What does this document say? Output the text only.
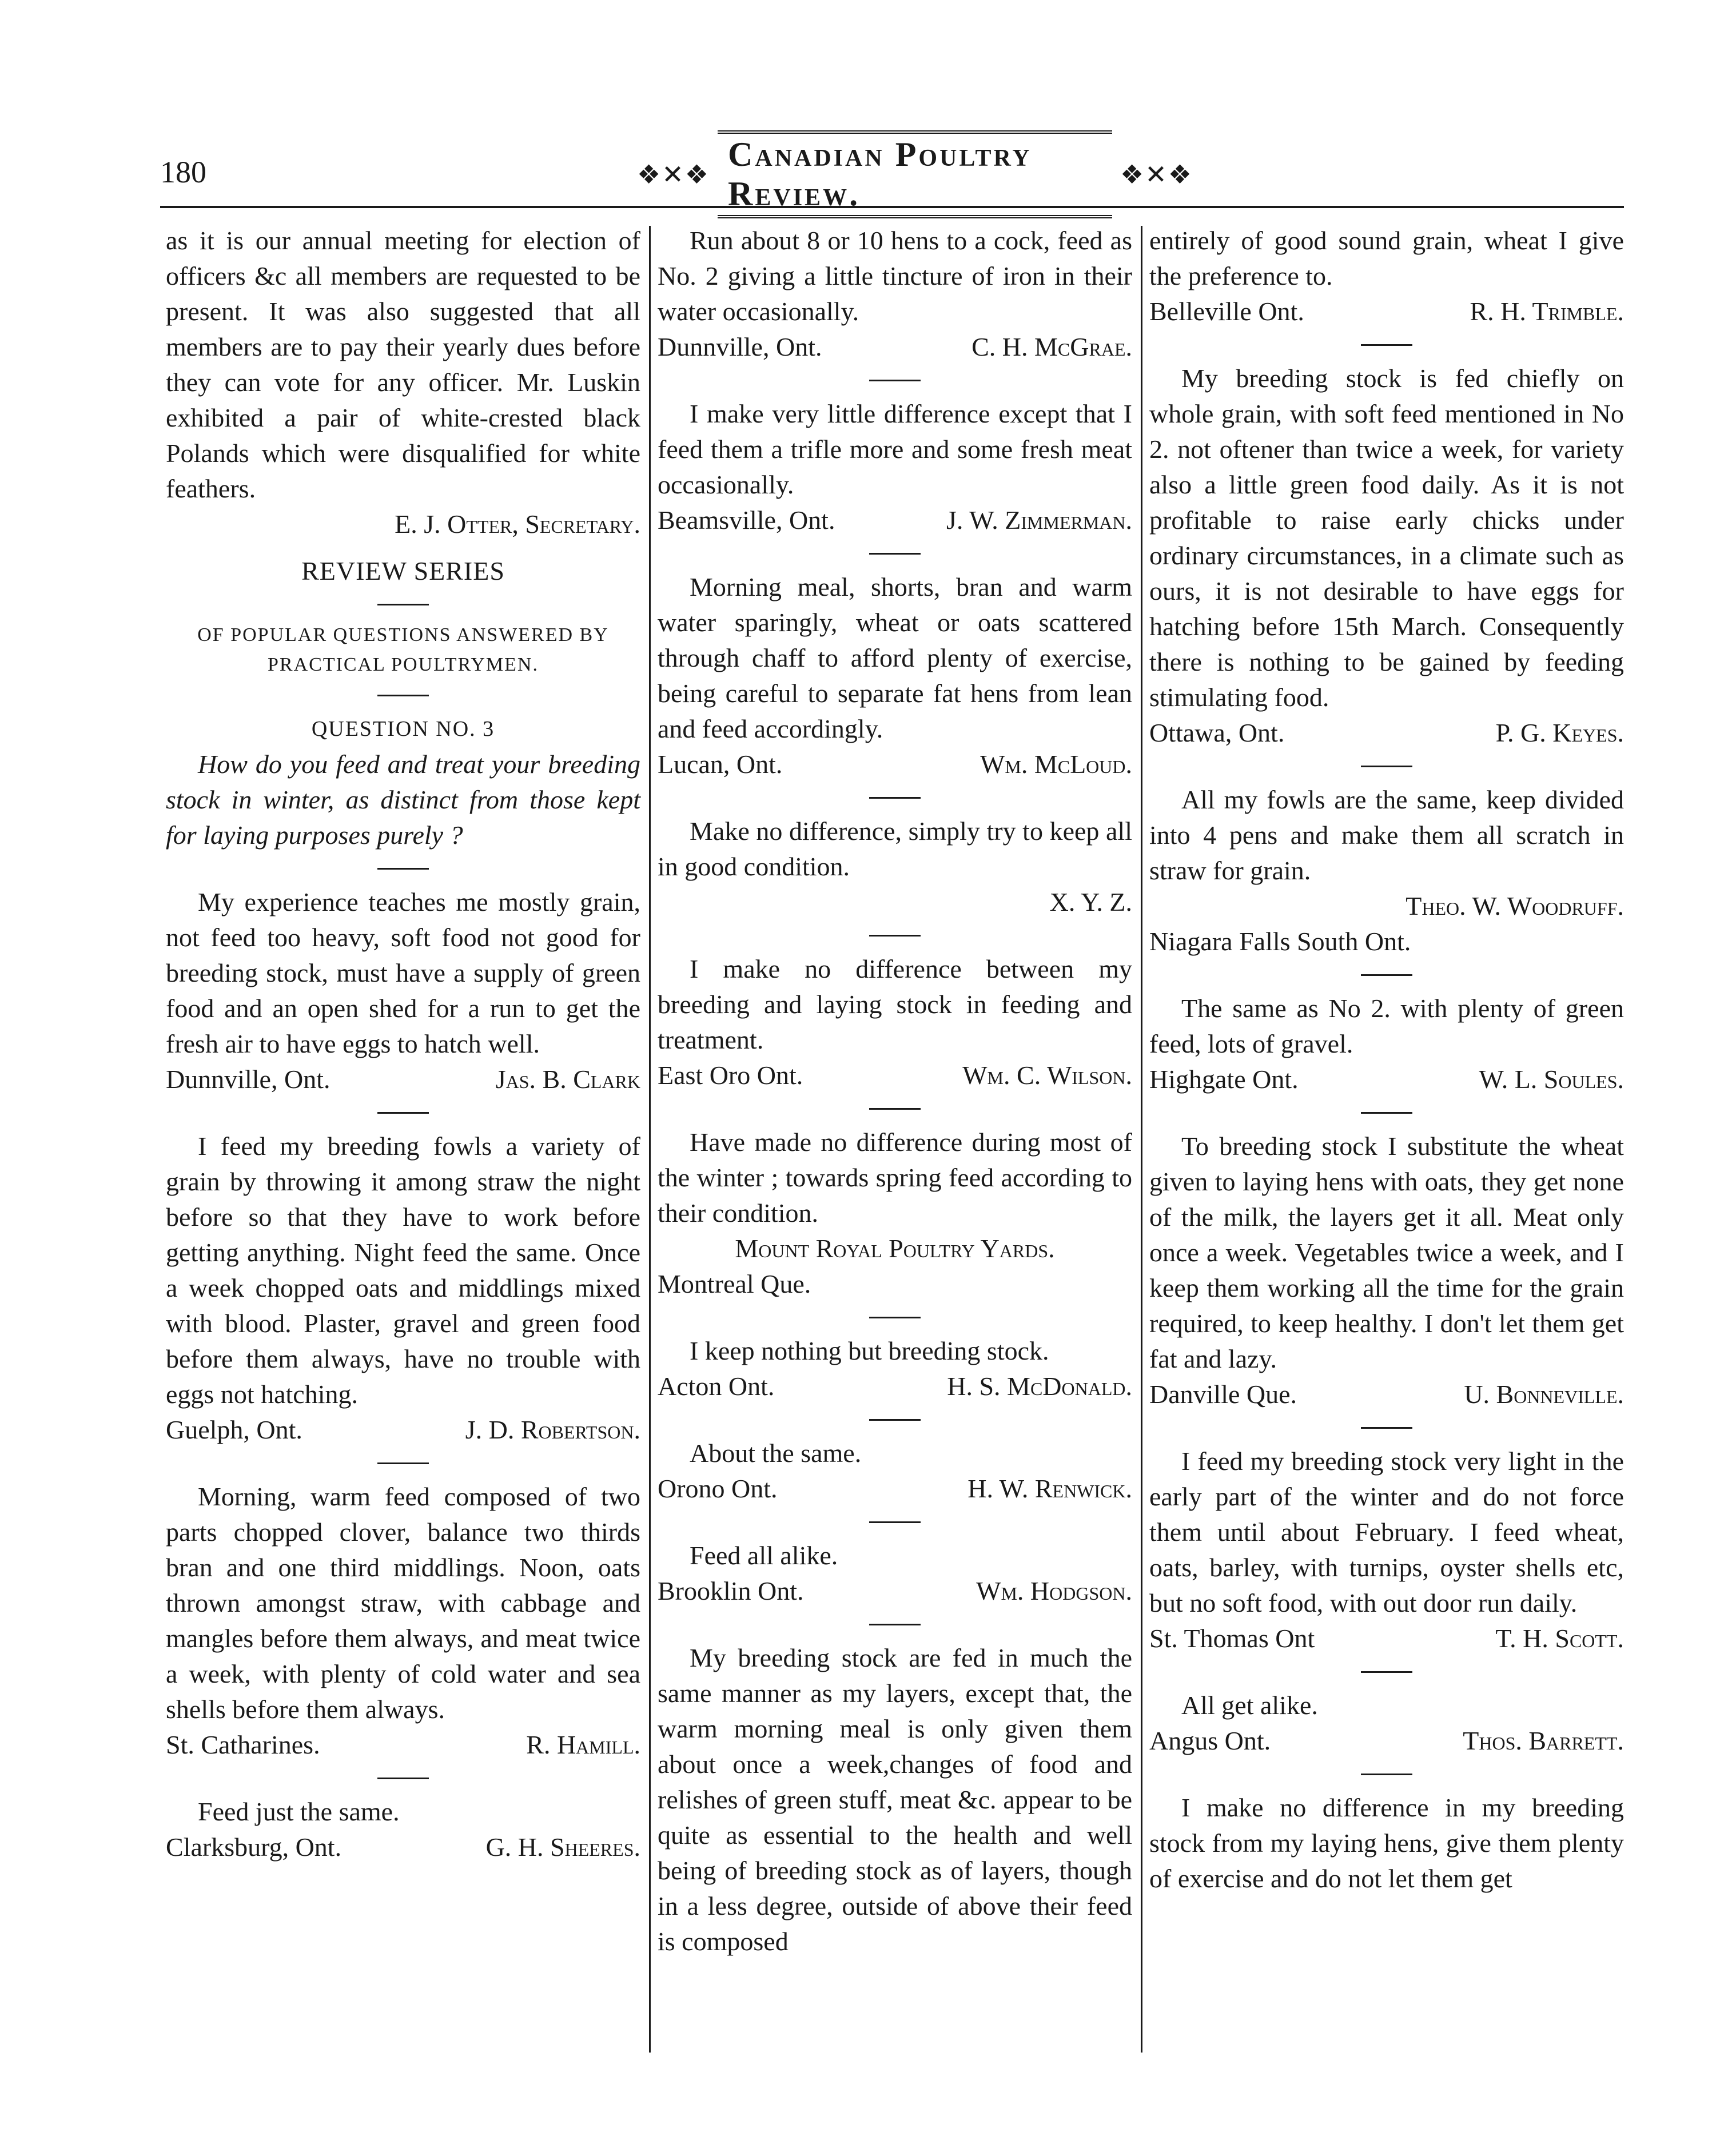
180	❖✕❖
Canadian Poultry Review.
❖✕❖

as it is our annual meeting for election of officers &c all members are requested to be present. It was also suggested that all members are to pay their yearly dues before they can vote for any officer. Mr. Luskin exhibited a pair of white-crested black Polands which were disqualified for white feathers.

E. J. Otter, Secretary.

REVIEW SERIES

OF POPULAR QUESTIONS ANSWERED BY PRACTICAL POULTRYMEN.

QUESTION NO. 3

How do you feed and treat your breeding stock in winter, as distinct from those kept for laying purposes purely ?

My experience teaches me mostly grain, not feed too heavy, soft food not good for breeding stock, must have a supply of green food and an open shed for a run to get the fresh air to have eggs to hatch well.

Dunnville, Ont.	Jas. B. Clark

I feed my breeding fowls a variety of grain by throwing it among straw the night before so that they have to work before getting anything. Night feed the same. Once a week chopped oats and middlings mixed with blood. Plaster, gravel and green food before them always, have no trouble with eggs not hatching.

Guelph, Ont.	J. D. Robertson.

Morning, warm feed composed of two parts chopped clover, balance two thirds bran and one third middlings. Noon, oats thrown amongst straw, with cabbage and mangles before them always, and meat twice a week, with plenty of cold water and sea shells before them always.

St. Catharines.	R. Hamill.

Feed just the same.

Clarksburg, Ont.	G. H. Sheeres.

Run about 8 or 10 hens to a cock, feed as No. 2 giving a little tincture of iron in their water occasionally.

Dunnville, Ont.	C. H. McGrae.

I make very little difference except that I feed them a trifle more and some fresh meat occasionally.

Beamsville, Ont.	J. W. Zimmerman.

Morning meal, shorts, bran and warm water sparingly, wheat or oats scattered through chaff to afford plenty of exercise, being careful to separate fat hens from lean and feed accordingly.

Lucan, Ont.	Wm. McLoud.

Make no difference, simply try to keep all in good condition.

X. Y. Z.

I make no difference between my breeding and laying stock in feeding and treatment.

East Oro Ont.	Wm. C. Wilson.

Have made no difference during most of the winter ; towards spring feed according to their condition.

Mount Royal Poultry Yards.

Montreal Que.

I keep nothing but breeding stock.

Acton Ont.	H. S. McDonald.

About the same.

Orono Ont.	H. W. Renwick.

Feed all alike.

Brooklin Ont.	Wm. Hodgson.

My breeding stock are fed in much the same manner as my layers, except that, the warm morning meal is only given them about once a week,changes of food and relishes of green stuff, meat &c. appear to be quite as essential to the health and well being of breeding stock as of layers, though in a less degree, outside of above their feed is composed

entirely of good sound grain, wheat I give the preference to.

Belleville Ont.	R. H. Trimble.

My breeding stock is fed chiefly on whole grain, with soft feed mentioned in No 2. not oftener than twice a week, for variety also a little green food daily. As it is not profitable to raise early chicks under ordinary circumstances, in a climate such as ours, it is not desirable to have eggs for hatching before 15th March. Consequently there is nothing to be gained by feeding stimulating food.

Ottawa, Ont.	P. G. Keyes.

All my fowls are the same, keep divided into 4 pens and make them all scratch in straw for grain.

Theo. W. Woodruff.

Niagara Falls South Ont.

The same as No 2. with plenty of green feed, lots of gravel.

Highgate Ont.	W. L. Soules.

To breeding stock I substitute the wheat given to laying hens with oats, they get none of the milk, the layers get it all. Meat only once a week. Vegetables twice a week, and I keep them working all the time for the grain required, to keep healthy. I don't let them get fat and lazy.

Danville Que.	U. Bonneville.

I feed my breeding stock very light in the early part of the winter and do not force them until about February. I feed wheat, oats, barley, with turnips, oyster shells etc, but no soft food, with out door run daily.

St. Thomas Ont	T. H. Scott.

All get alike.

Angus Ont.	Thos. Barrett.

I make no difference in my breeding stock from my laying hens, give them plenty of exercise and do not let them get
